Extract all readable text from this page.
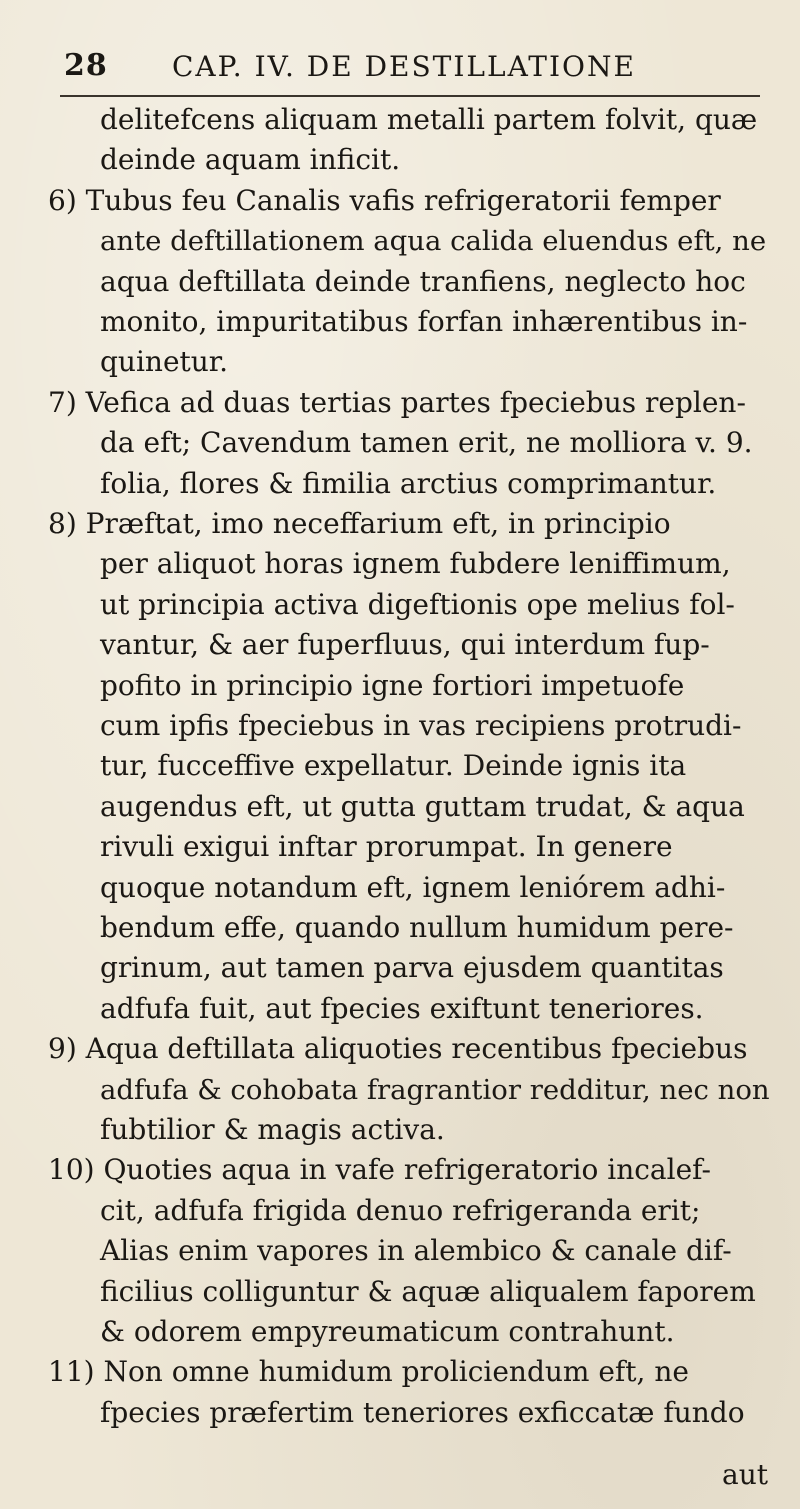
28 CAP. IV. DE DESTILLATIONE
delitefcens aliquam metalli partem folvit, quæ
deinde aquam inficit.
6) Tubus feu Canalis vafis refrigeratorii femper
ante deftillationem aqua calida eluendus eft, ne
aqua deftillata deinde tranfiens, neglecto hoc
monito, impuritatibus forfan inhærentibus in-
quinetur.
7) Vefica ad duas tertias partes fpeciebus replen-
da eft; Cavendum tamen erit, ne molliora v. 9.
folia, flores & fimilia arctius comprimantur.
8) Præftat, imo neceffarium eft, in principio
per aliquot horas ignem fubdere leniffimum,
ut principia activa digeftionis ope melius fol-
vantur, & aer fuperfluus, qui interdum fup-
pofito in principio igne fortiori impetuofe
cum ipfis fpeciebus in vas recipiens protrudi-
tur, fucceffive expellatur. Deinde ignis ita
augendus eft, ut gutta guttam trudat, & aqua
rivuli exigui inftar prorumpat. In genere
quoque notandum eft, ignem leniórem adhi-
bendum effe, quando nullum humidum pere-
grinum, aut tamen parva ejusdem quantitas
adfufa fuit, aut fpecies exiftunt teneriores.
9) Aqua deftillata aliquoties recentibus fpeciebus
adfufa & cohobata fragrantior redditur, nec non
fubtilior & magis activa.
10) Quoties aqua in vafe refrigeratorio incalef-
cit, adfufa frigida denuo refrigeranda erit;
Alias enim vapores in alembico & canale dif-
ficilius colliguntur & aquæ aliqualem faporem
& odorem empyreumaticum contrahunt.
11) Non omne humidum proliciendum eft, ne
fpecies præfertim teneriores exficcatæ fundo
aut
